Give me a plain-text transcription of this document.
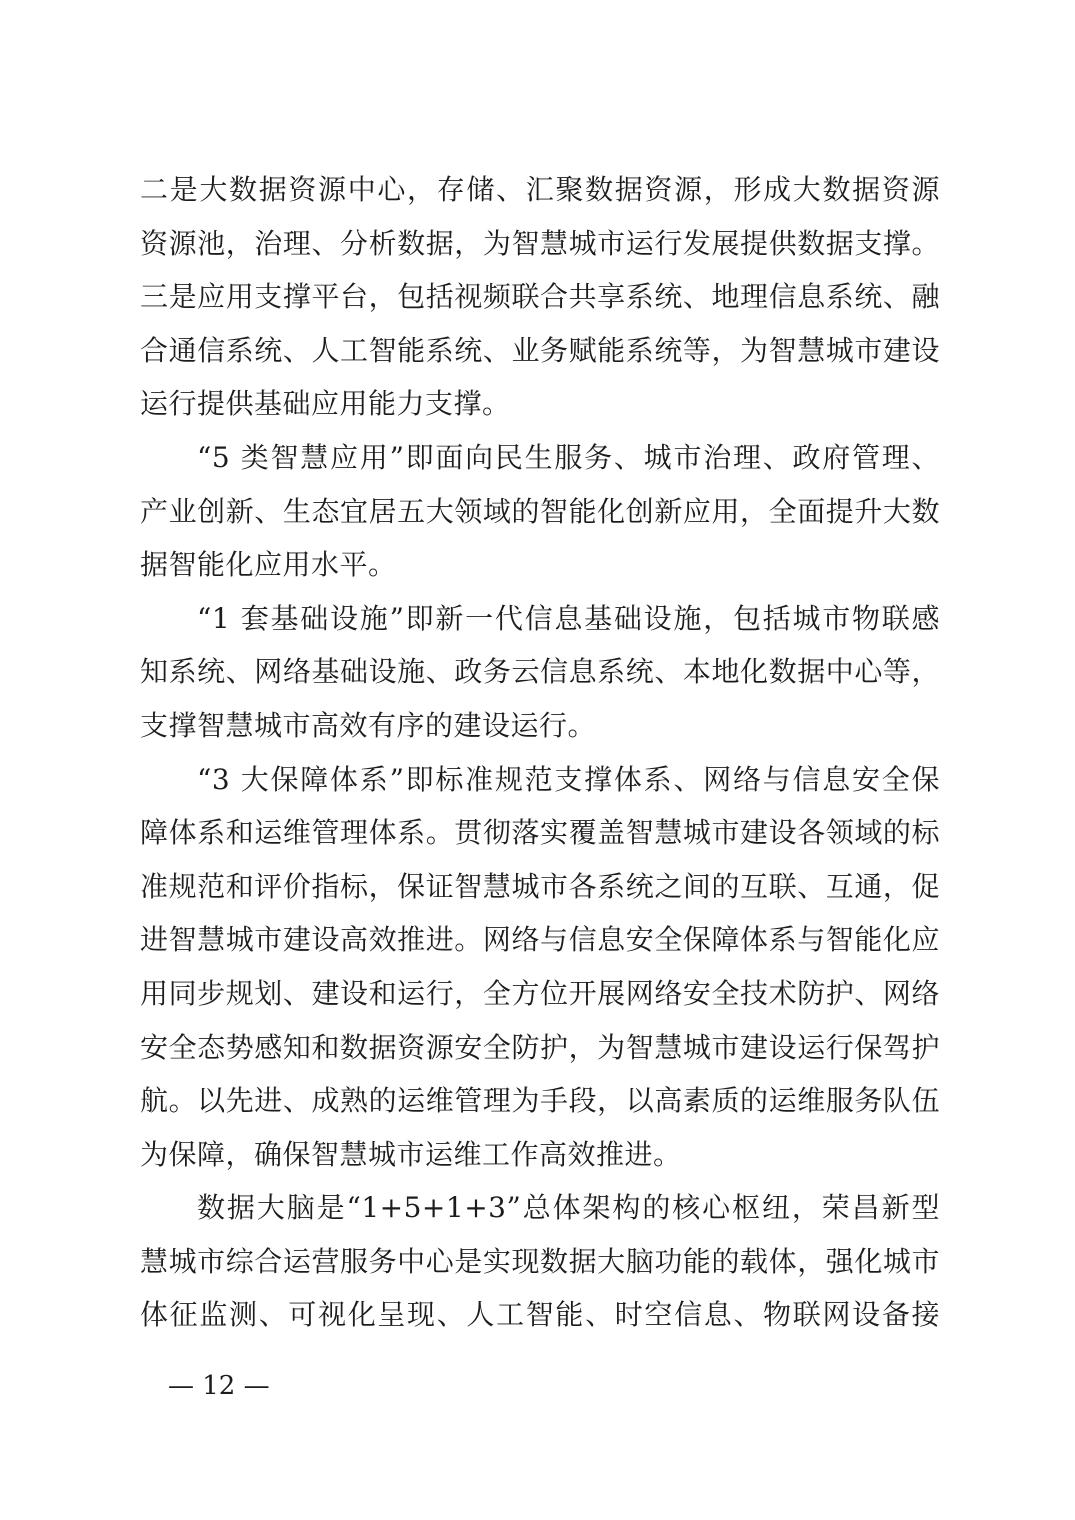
二是大数据资源中心，存储、汇聚数据资源，形成大数据资源
资源池，治理、分析数据，为智慧城市运行发展提供数据支撑。
三是应用支撑平台，包括视频联合共享系统、地理信息系统、融
合通信系统、人工智能系统、业务赋能系统等，为智慧城市建设
运行提供基础应用能力支撑。
“5 类智慧应用”即面向民生服务、城市治理、政府管理、
产业创新、生态宜居五大领域的智能化创新应用，全面提升大数
据智能化应用水平。
“1 套基础设施”即新一代信息基础设施，包括城市物联感
知系统、网络基础设施、政务云信息系统、本地化数据中心等，
支撑智慧城市高效有序的建设运行。
“3 大保障体系”即标准规范支撑体系、网络与信息安全保
障体系和运维管理体系。贯彻落实覆盖智慧城市建设各领域的标
准规范和评价指标，保证智慧城市各系统之间的互联、互通，促
进智慧城市建设高效推进。网络与信息安全保障体系与智能化应
用同步规划、建设和运行，全方位开展网络安全技术防护、网络
安全态势感知和数据资源安全防护，为智慧城市建设运行保驾护
航。以先进、成熟的运维管理为手段，以高素质的运维服务队伍
为保障，确保智慧城市运维工作高效推进。
数据大脑是“1+5+1+3”总体架构的核心枢纽，荣昌新型
慧城市综合运营服务中心是实现数据大脑功能的载体，强化城市
体征监测、可视化呈现、人工智能、时空信息、物联网设备接
— 12 —
